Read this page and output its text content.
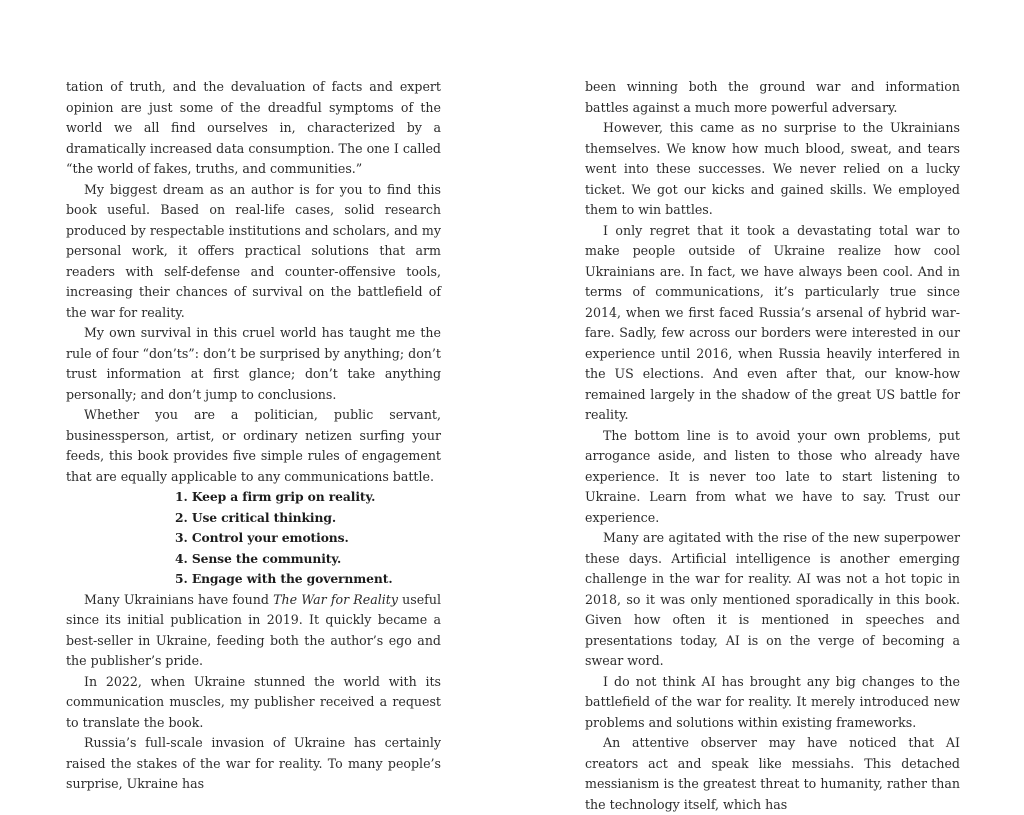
tation of truth, and the devaluation of facts and expert opinion are just some of the dreadful symptoms of the world we all find ourselves in, characterized by a dramatically increased data consumption. The one I called “the world of fakes, truths, and communities.”

My biggest dream as an author is for you to find this book useful. Based on real-life cases, solid research produced by respectable institutions and scholars, and my personal work, it offers practical solutions that arm readers with self-defense and counter-offensive tools, increasing their chances of survival on the battlefield of the war for reality.

My own survival in this cruel world has taught me the rule of four “don’ts”: don’t be surprised by anything; don’t trust information at first glance; don’t take anything personally; and don’t jump to conclusions.

Whether you are a politician, public servant, businessperson, artist, or ordinary netizen surfing your feeds, this book provides five simple rules of engagement that are equally applicable to any communications battle.

1. Keep a firm grip on reality.
2. Use critical thinking.
3. Control your emotions.
4. Sense the community.
5. Engage with the government.

Many Ukrainians have found The War for Reality useful since its initial publication in 2019. It quickly became a best-seller in Ukraine, feeding both the author’s ego and the publisher’s pride.

In 2022, when Ukraine stunned the world with its communication muscles, my publisher received a request to translate the book.

Russia’s full-scale invasion of Ukraine has certainly raised the stakes of the war for reality. To many people’s surprise, Ukraine has

been winning both the ground war and information battles against a much more powerful adversary.

However, this came as no surprise to the Ukrainians themselves. We know how much blood, sweat, and tears went into these successes. We never relied on a lucky ticket. We got our kicks and gained skills. We employed them to win battles.

I only regret that it took a devastating total war to make people outside of Ukraine realize how cool Ukrainians are. In fact, we have always been cool. And in terms of communications, it’s particularly true since 2014, when we first faced Russia’s arsenal of hybrid warfare. Sadly, few across our borders were interested in our experience until 2016, when Russia heavily interfered in the US elections. And even after that, our know-how remained largely in the shadow of the great US battle for reality.

The bottom line is to avoid your own problems, put arrogance aside, and listen to those who already have experience. It is never too late to start listening to Ukraine. Learn from what we have to say. Trust our experience.

Many are agitated with the rise of the new superpower these days. Artificial intelligence is another emerging challenge in the war for reality. AI was not a hot topic in 2018, so it was only mentioned sporadically in this book. Given how often it is mentioned in speeches and presentations today, AI is on the verge of becoming a swear word.

I do not think AI has brought any big changes to the battlefield of the war for reality. It merely introduced new problems and solutions within existing frameworks.

An attentive observer may have noticed that AI creators act and speak like messiahs. This detached messianism is the greatest threat to humanity, rather than the technology itself, which has
